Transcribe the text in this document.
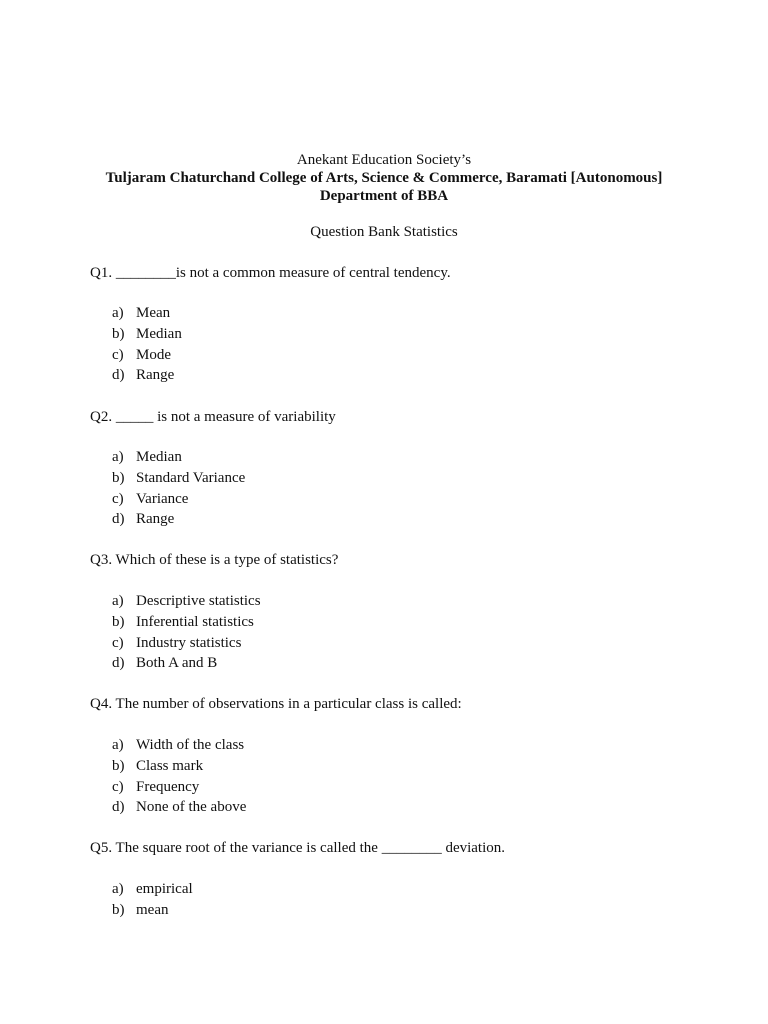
Anekant Education Society’s
Tuljaram Chaturchand College of Arts, Science & Commerce, Baramati [Autonomous]
Department of BBA
Question Bank Statistics
Q1. ________is not a common measure of central tendency.
a) Mean
b) Median
c) Mode
d) Range
Q2. _____ is not a measure of variability
a) Median
b) Standard Variance
c) Variance
d) Range
Q3. Which of these is a type of statistics?
a) Descriptive statistics
b) Inferential statistics
c) Industry statistics
d) Both A and B
Q4. The number of observations in a particular class is called:
a) Width of the class
b) Class mark
c) Frequency
d) None of the above
Q5. The square root of the variance is called the ________ deviation.
a) empirical
b) mean
